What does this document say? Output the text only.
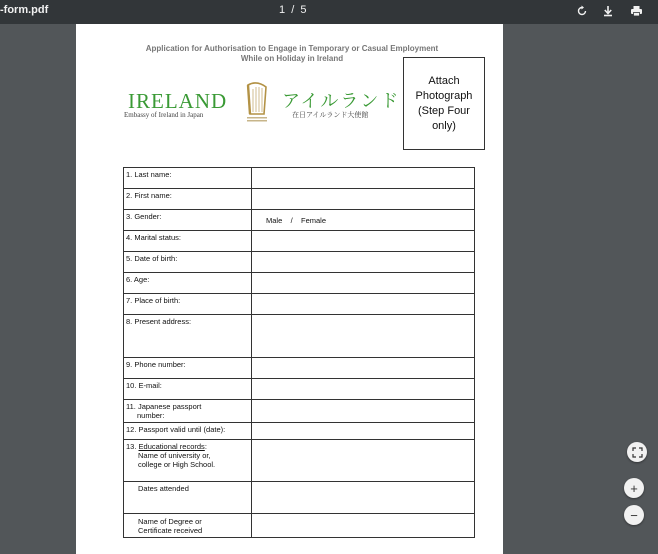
-form.pdf	1 / 5
Application for Authorisation to Engage in Temporary or Casual Employment
While on Holiday in Ireland
IRELAND
Embassy of Ireland in Japan
アイルランド
在日アイルランド大使館
Attach
Photograph
(Step Four
only)
1. Last name:	
2. First name:	
3. Gender:	Male    /    Female
4. Marital status:	
5. Date of birth:	
6. Age:	
7. Place of birth:	
8. Present address:	
9. Phone number:	
10. E-mail:	

11. Japanese passport
number:	

12. Passport valid until (date):	

13. Educational records:
Name of university or,
college or High School.	

Dates attended	

Name of Degree or
Certificate received	

+
−
